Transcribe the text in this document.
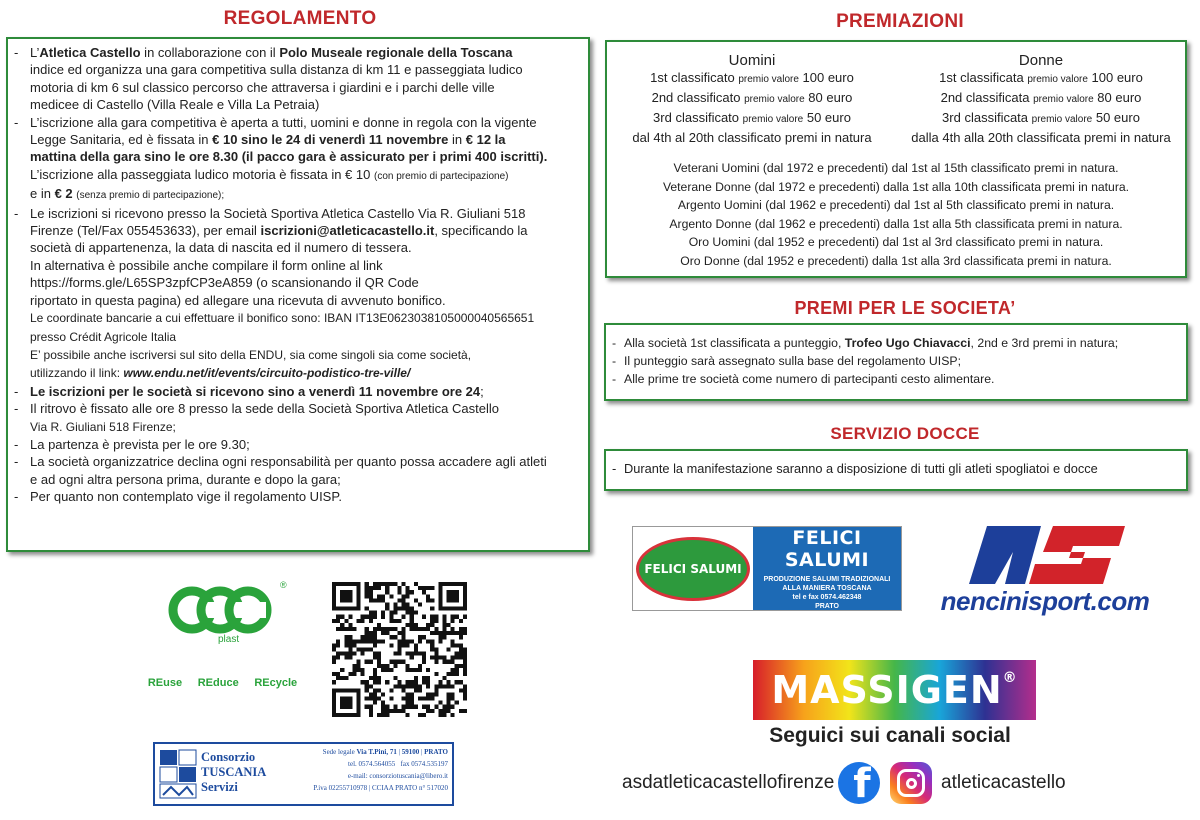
REGOLAMENTO

- L’Atletica Castello in collaborazione con il Polo Museale regionale della Toscana

indice ed organizza una gara competitiva sulla distanza di km 11 e passeggiata ludico

motoria di km 6 sul classico percorso che attraversa i giardini e i parchi delle ville

medicee di Castello (Villa Reale e Villa La Petraia)

- L’iscrizione alla gara competitiva è aperta a tutti, uomini e donne in regola con la vigente

Legge Sanitaria, ed è fissata in € 10 sino le 24 di venerdì 11 novembre in € 12 la

mattina della gara sino le ore 8.30 (il pacco gara è assicurato per i primi 400 iscritti).

L’iscrizione alla passeggiata ludico motoria è fissata in € 10 (con premio di partecipazione)

e in € 2 (senza premio di partecipazione);

- Le iscrizioni si ricevono presso la Società Sportiva Atletica Castello Via R. Giuliani 518

Firenze (Tel/Fax 055453633), per email iscrizioni@atleticacastello.it, specificando la

società di appartenenza, la data di nascita ed il numero di tessera.

In alternativa è possibile anche compilare il form online al link

https://forms.gle/L65SP3zpfCP3eA859 (o scansionando il QR Code

riportato in questa pagina) ed allegare una ricevuta di avvenuto bonifico.

Le coordinate bancarie a cui effettuare il bonifico sono: IBAN IT13E0623038105000040565651

presso Crédit Agricole Italia

E’ possibile anche iscriversi sul sito della ENDU, sia come singoli sia come società,

utilizzando il link: www.endu.net/it/events/circuito-podistico-tre-ville/

- Le iscrizioni per le società si ricevono sino a venerdì 11 novembre ore 24;

- Il ritrovo è fissato alle ore 8 presso la sede della Società Sportiva Atletica Castello

Via R. Giuliani 518 Firenze;

- La partenza è prevista per le ore 9.30;

- La società organizzatrice declina ogni responsabilità per quanto possa accadere agli atleti

e ad ogni altra persona prima, durante e dopo la gara;

- Per quanto non contemplato vige il regolamento UISP.

PREMIAZIONI
Uomini
1st classificato premio valore 100 euro
2nd classificato premio valore 80 euro
3rd classificato premio valore 50 euro
dal 4th al 20th classificato premi in natura
Donne
1st classificata premio valore 100 euro
2nd classificata premio valore 80 euro
3rd classificata premio valore 50 euro
dalla 4th alla 20th classificata premi in natura
Veterani Uomini (dal 1972 e precedenti) dal 1st al 15th classificato premi in natura.
Veterane Donne (dal 1972 e precedenti) dalla 1st alla 10th classificata premi in natura.
Argento Uomini (dal 1962 e precedenti) dal 1st al 5th classificato premi in natura.
Argento Donne (dal 1962 e precedenti) dalla 1st alla 5th classificata premi in natura.
Oro Uomini (dal 1952 e precedenti) dal 1st al 3rd classificato premi in natura.
Oro Donne (dal 1952 e precedenti) dalla 1st alla 3rd classificata premi in natura.
PREMI PER LE SOCIETA’
- Alla società 1st classificata a punteggio, Trofeo Ugo Chiavacci, 2nd e 3rd premi in natura;
- Il punteggio sarà assegnato sulla base del regolamento UISP;
- Alle prime tre società come numero di partecipanti cesto alimentare.
SERVIZIO DOCCE
- Durante la manifestazione saranno a disposizione di tutti gli atleti spogliatoi e docce
®
plast
REuse REduce REcycle
Consorzio
TUSCANIA
Servizi
Sede legale Via T.Pini, 71 | 59100 | PRATO
tel. 0574.564055 fax 0574.535197
e-mail: consorziotuscania@libero.it
P.iva 02255710978 | CCIAA PRATO n° 517020
FELICI SALUMI
FELICI SALUMI
PRODUZIONE SALUMI TRADIZIONALI
ALLA MANIERA TOSCANA
tel e fax 0574.462348
PRATO	nencinisport.com
MASSIGEN ®
Seguici sui canali social
asdatleticacastellofirenze f	atleticacastello
